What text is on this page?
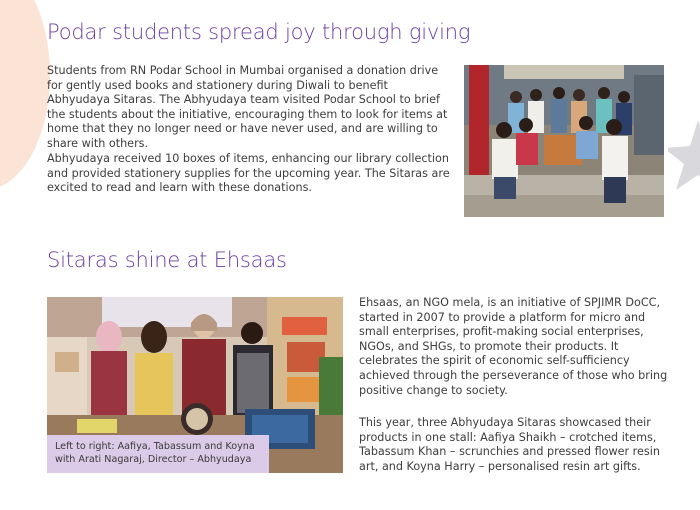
Podar students spread joy through giving

Students from RN Podar School in Mumbai organised a donation drive for gently used books and stationery during Diwali to benefit Abhyudaya Sitaras. The Abhyudaya team visited Podar School to brief the students about the initiative, encouraging them to look for items at home that they no longer need or have never used, and are willing to share with others.

Abhyudaya received 10 boxes of items, enhancing our library collection and provided stationery supplies for the upcoming year. The Sitaras are excited to read and learn with these donations.

Sitaras shine at Ehsaas
Left to right: Aafiya, Tabassum and Koyna with Arati Nagaraj, Director – Abhyudaya

Ehsaas, an NGO mela, is an initiative of SPJIMR DoCC, started in 2007 to provide a platform for micro and small enterprises, profit-making social enterprises, NGOs, and SHGs, to promote their products. It celebrates the spirit of economic self-sufficiency achieved through the perseverance of those who bring positive change to society.

This year, three Abhyudaya Sitaras showcased their products in one stall: Aafiya Shaikh – crotched items, Tabassum Khan – scrunchies and pressed flower resin art, and Koyna Harry – personalised resin art gifts.
